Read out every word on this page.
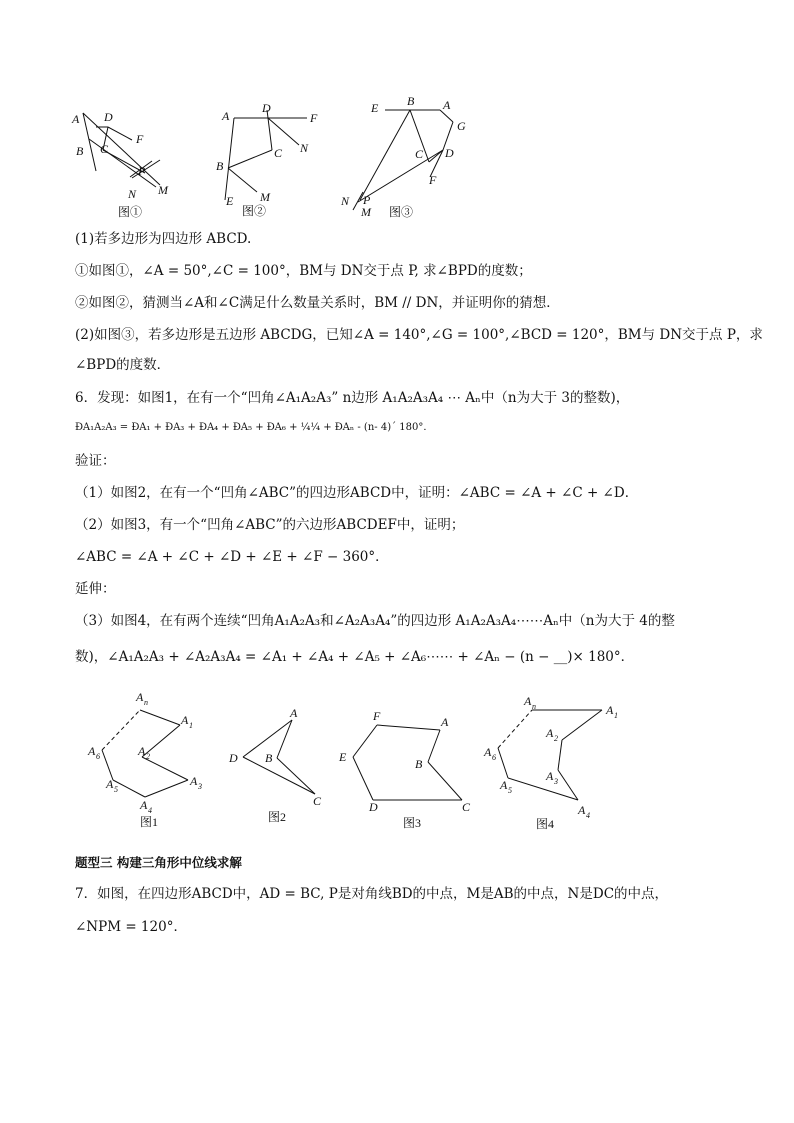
A D
F
B C
P
N M
图①
A
D
F
C N
B
E M
图②
E B A
G
C D
F
N P
M 图③
(1)若多边形为四边形 ABCD.
①如图①，∠A = 50°,∠C = 100°，BM与 DN交于点 P, 求∠BPD的度数；
②如图②，猜测当∠A和∠C满足什么数量关系时，BM // DN，并证明你的猜想．
(2)如图③，若多边形是五边形 ABCDG，已知∠A = 140°,∠G = 100°,∠BCD = 120°，BM与 DN交于点 P，求
∠BPD的度数．
6．发现：如图1，在有一个“凹角∠A₁A₂A₃” n边形 A₁A₂A₃A₄ ⋯ Aₙ中（n为大于 3的整数)，
ÐA₁A₂A₃ = ÐA₁ + ÐA₃ + ÐA₄ + ÐA₅ + ÐA₆ + ¼¼ + ÐAₙ - (n- 4)´ 180°．
验证：
（1）如图2，在有一个“凹角∠ABC”的四边形ABCD中，证明：∠ABC = ∠A + ∠C + ∠D．
（2）如图3，有一个“凹角∠ABC”的六边形ABCDEF中，证明；
∠ABC = ∠A + ∠C + ∠D + ∠E + ∠F − 360°．
延伸：
（3）如图4，在有两个连续“凹角A₁A₂A₃和∠A₂A₃A₄”的四边形 A₁A₂A₃A₄⋯⋯Aₙ中（n为大于 4的整
数)，∠A₁A₂A₃ + ∠A₂A₃A₄ = ∠A₁ + ∠A₄ + ∠A₅ + ∠A₆⋯⋯ + ∠Aₙ − (n − __)× 180°．
A n
A 1
A 2
A 3
A 4
A 5
A 6
图1
A
D B
C
图2
F	A
E	B
D	C
图3
A n	A 1
A 2
A 3
A 4
A 5
A 6
图4
题型三 构建三角形中位线求解
7．如图，在四边形ABCD中，AD = BC, P是对角线BD的中点，M是AB的中点，N是DC的中点，
∠NPM = 120°．
